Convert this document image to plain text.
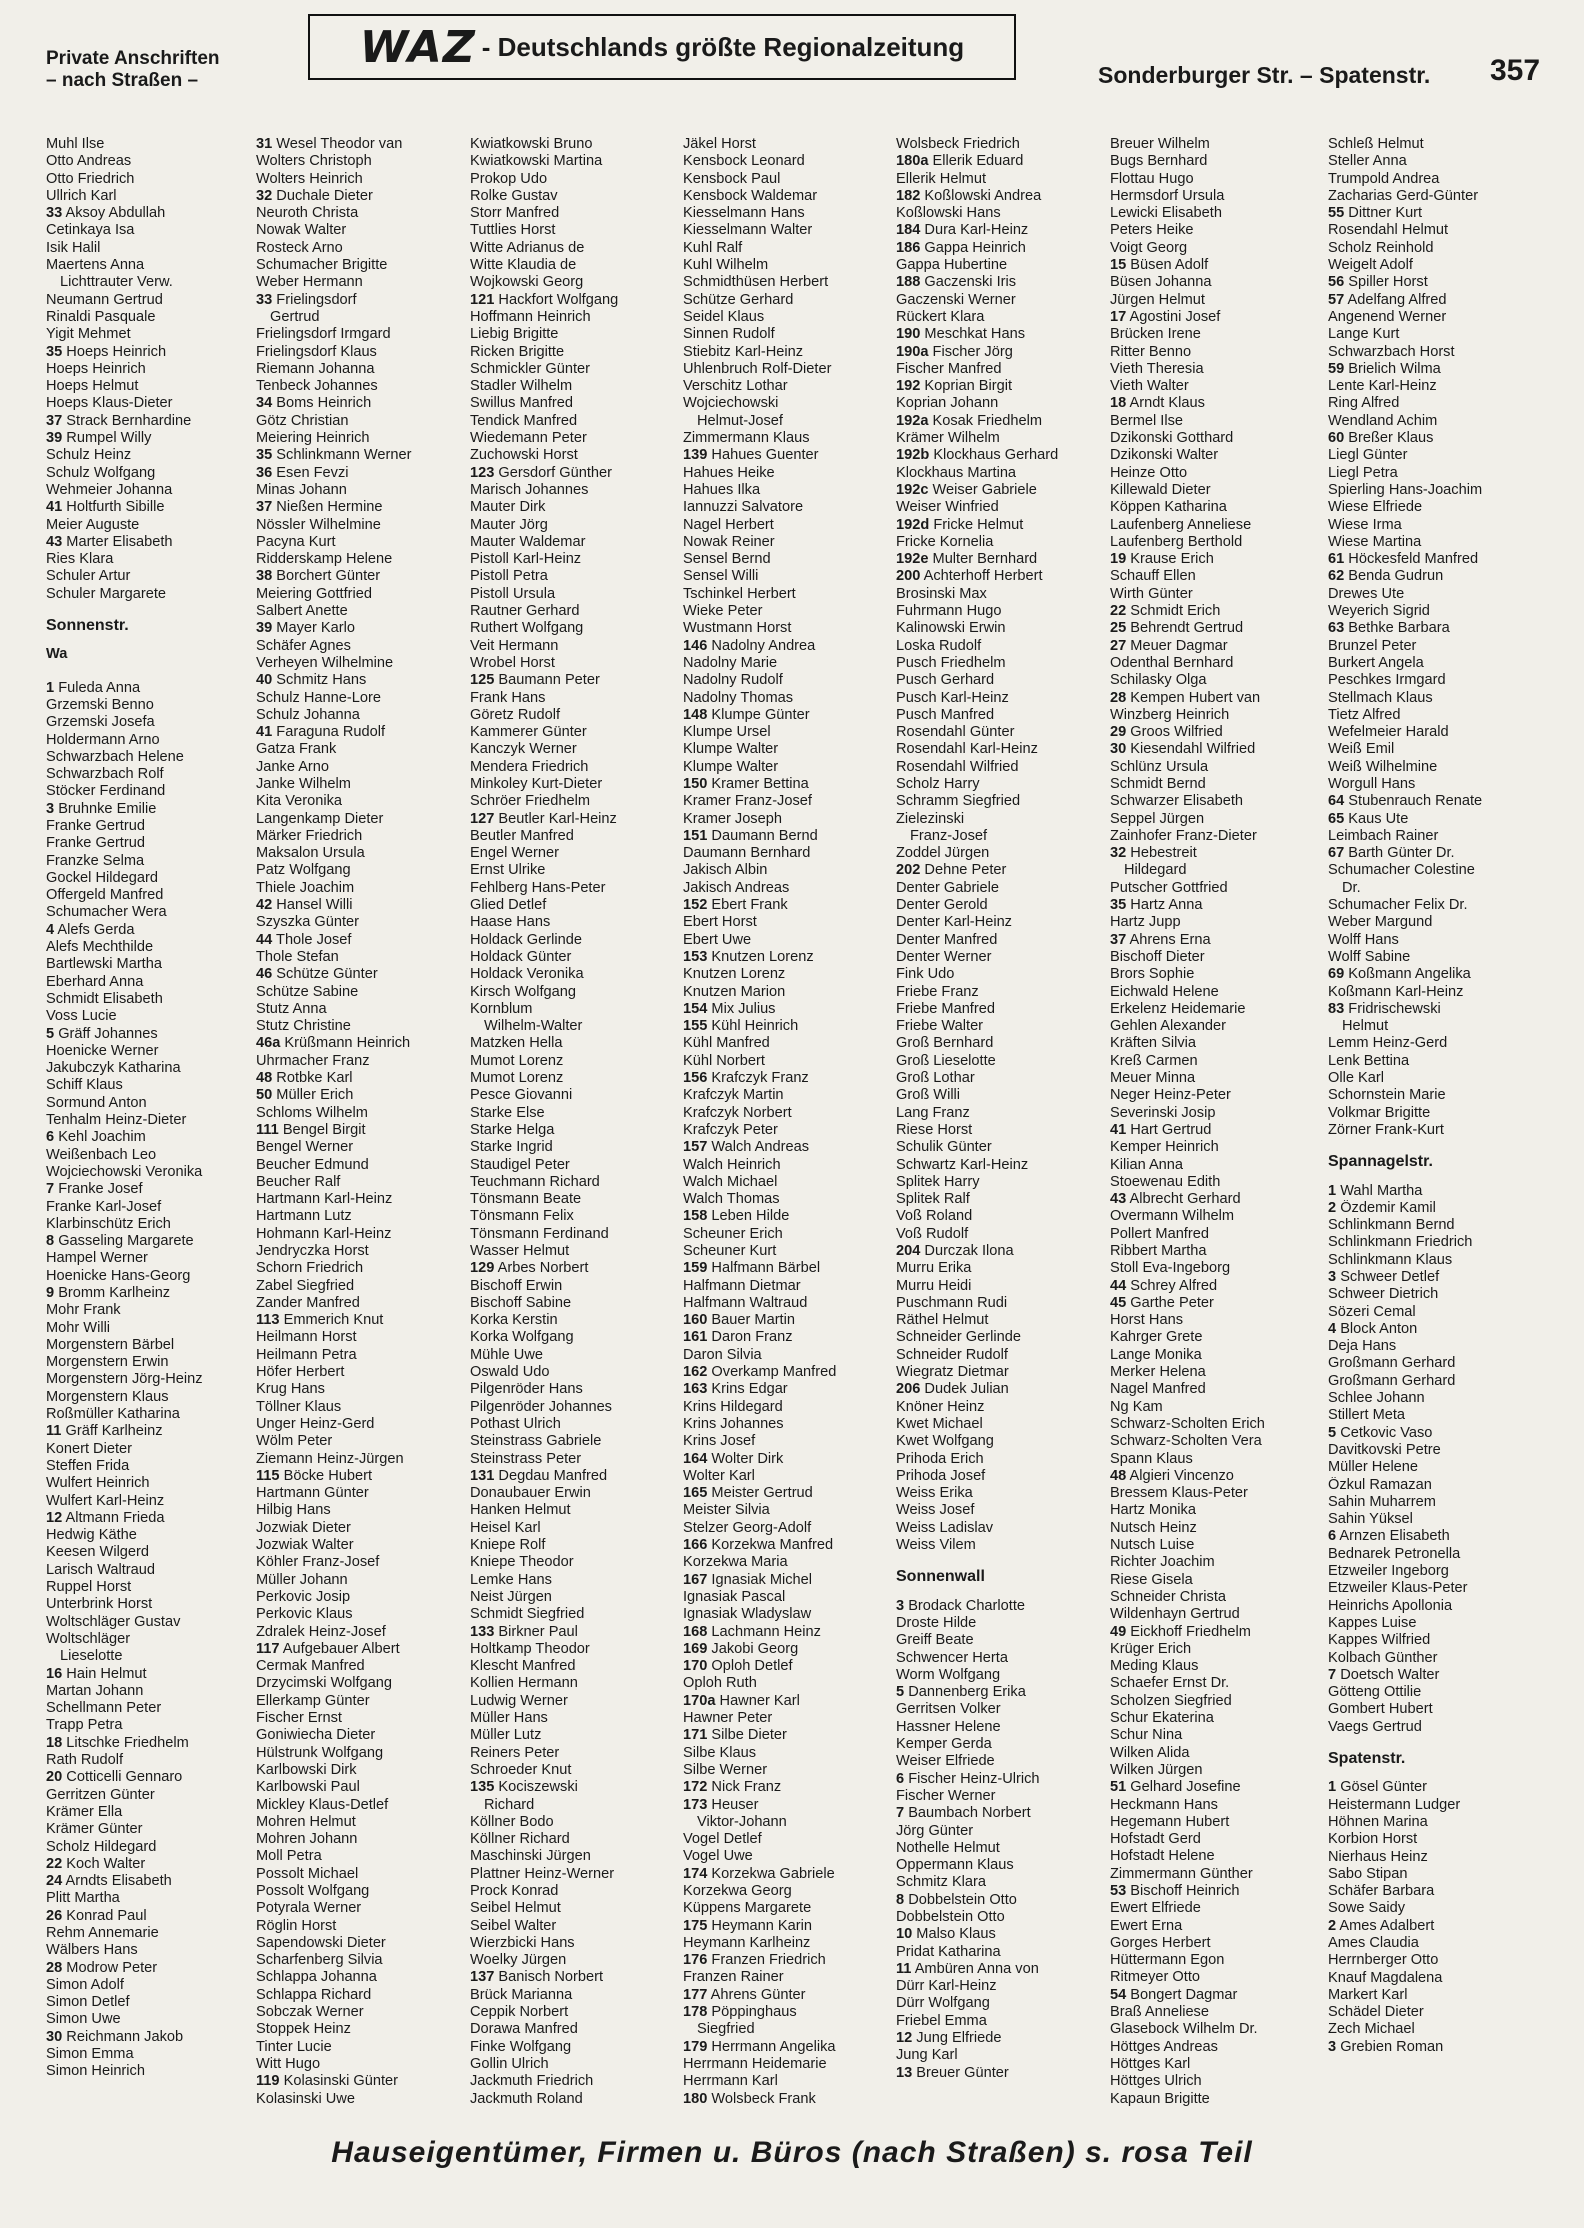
Private Anschriften
– nach Straßen –
WAZ - Deutschlands größte Regionalzeitung
Sonderburger Str. – Spatenstr. 357
Muhl Ilse
Otto Andreas
Otto Friedrich
Ullrich Karl
33 Aksoy Abdullah
Cetinkaya Isa
Isik Halil
Maertens Anna
Lichttrauter Verw.
Neumann Gertrud
Rinaldi Pasquale
Yigit Mehmet
35 Hoeps Heinrich
Hoeps Heinrich
Hoeps Helmut
Hoeps Klaus-Dieter
37 Strack Bernhardine
39 Rumpel Willy
Schulz Heinz
Schulz Wolfgang
Wehmeier Johanna
41 Holtfurth Sibille
Meier Auguste
43 Marter Elisabeth
Ries Klara
Schuler Artur
Schuler Margarete
Sonnenstr.
Wa
1 Fuleda Anna
Grzemski Benno
Grzemski Josefa
Holdermann Arno
Schwarzbach Helene
Schwarzbach Rolf
Stöcker Ferdinand
3 Bruhnke Emilie
Franke Gertrud
Franke Gertrud
Franzke Selma
Gockel Hildegard
Offergeld Manfred
Schumacher Wera
4 Alefs Gerda
Alefs Mechthilde
Bartlewski Martha
Eberhard Anna
Schmidt Elisabeth
Voss Lucie
5 Gräff Johannes
Hoenicke Werner
Jakubczyk Katharina
Schiff Klaus
Sormund Anton
Tenhalm Heinz-Dieter
6 Kehl Joachim
Weißenbach Leo
Wojciechowski Veronika
7 Franke Josef
Franke Karl-Josef
Klarbinschütz Erich
8 Gasseling Margarete
Hampel Werner
Hoenicke Hans-Georg
9 Bromm Karlheinz
Mohr Frank
Mohr Willi
Morgenstern Bärbel
Morgenstern Erwin
Morgenstern Jörg-Heinz
Morgenstern Klaus
Roßmüller Katharina
11 Gräff Karlheinz
Konert Dieter
Steffen Frida
Wulfert Heinrich
Wulfert Karl-Heinz
12 Altmann Frieda
Hedwig Käthe
Keesen Wilgerd
Larisch Waltraud
Ruppel Horst
Unterbrink Horst
Woltschläger Gustav
Woltschläger
Lieselotte
16 Hain Helmut
Martan Johann
Schellmann Peter
Trapp Petra
18 Litschke Friedhelm
Rath Rudolf
20 Cotticelli Gennaro
Gerritzen Günter
Krämer Ella
Krämer Günter
Scholz Hildegard
22 Koch Walter
24 Arndts Elisabeth
Plitt Martha
26 Konrad Paul
Rehm Annemarie
Wälbers Hans
28 Modrow Peter
Simon Adolf
Simon Detlef
Simon Uwe
30 Reichmann Jakob
Simon Emma
Simon Heinrich
31 Wesel Theodor van
Wolters Christoph
Wolters Heinrich
32 Duchale Dieter
Neuroth Christa
Nowak Walter
Rosteck Arno
Schumacher Brigitte
Weber Hermann
33 Frielingsdorf
Gertrud
Frielingsdorf Irmgard
Frielingsdorf Klaus
Riemann Johanna
Tenbeck Johannes
34 Boms Heinrich
Götz Christian
Meiering Heinrich
35 Schlinkmann Werner
36 Esen Fevzi
Minas Johann
37 Nießen Hermine
Nössler Wilhelmine
Pacyna Kurt
Ridderskamp Helene
38 Borchert Günter
Meiering Gottfried
Salbert Anette
39 Mayer Karlo
Schäfer Agnes
Verheyen Wilhelmine
40 Schmitz Hans
Schulz Hanne-Lore
Schulz Johanna
41 Faraguna Rudolf
Gatza Frank
Janke Arno
Janke Wilhelm
Kita Veronika
Langenkamp Dieter
Märker Friedrich
Maksalon Ursula
Patz Wolfgang
Thiele Joachim
42 Hansel Willi
Szyszka Günter
44 Thole Josef
Thole Stefan
46 Schütze Günter
Schütze Sabine
Stutz Anna
Stutz Christine
46a Krüßmann Heinrich
Uhrmacher Franz
48 Rotbke Karl
50 Müller Erich
Schloms Wilhelm
111 Bengel Birgit
Bengel Werner
Beucher Edmund
Beucher Ralf
Hartmann Karl-Heinz
Hartmann Lutz
Hohmann Karl-Heinz
Jendryczka Horst
Schorn Friedrich
Zabel Siegfried
Zander Manfred
113 Emmerich Knut
Heilmann Horst
Heilmann Petra
Höfer Herbert
Krug Hans
Töllner Klaus
Unger Heinz-Gerd
Wölm Peter
Ziemann Heinz-Jürgen
115 Böcke Hubert
Hartmann Günter
Hilbig Hans
Jozwiak Dieter
Jozwiak Walter
Köhler Franz-Josef
Müller Johann
Perkovic Josip
Perkovic Klaus
Zdralek Heinz-Josef
117 Aufgebauer Albert
Cermak Manfred
Drzycimski Wolfgang
Ellerkamp Günter
Fischer Ernst
Goniwiecha Dieter
Hülstrunk Wolfgang
Karlbowski Dirk
Karlbowski Paul
Mickley Klaus-Detlef
Mohren Helmut
Mohren Johann
Moll Petra
Possolt Michael
Possolt Wolfgang
Potyrala Werner
Röglin Horst
Sapendowski Dieter
Scharfenberg Silvia
Schlappa Johanna
Schlappa Richard
Sobczak Werner
Stoppek Heinz
Tinter Lucie
Witt Hugo
119 Kolasinski Günter
Kolasinski Uwe
Kwiatkowski Bruno
Kwiatkowski Martina
Prokop Udo
Rolke Gustav
Storr Manfred
Tuttlies Horst
Witte Adrianus de
Witte Klaudia de
Wojkowski Georg
121 Hackfort Wolfgang
Hoffmann Heinrich
Liebig Brigitte
Ricken Brigitte
Schmickler Günter
Stadler Wilhelm
Swillus Manfred
Tendick Manfred
Wiedemann Peter
Zuchowski Horst
123 Gersdorf Günther
Marisch Johannes
Mauter Dirk
Mauter Jörg
Mauter Waldemar
Pistoll Karl-Heinz
Pistoll Petra
Pistoll Ursula
Rautner Gerhard
Ruthert Wolfgang
Veit Hermann
Wrobel Horst
125 Baumann Peter
Frank Hans
Göretz Rudolf
Kammerer Günter
Kanczyk Werner
Mendera Friedrich
Minkoley Kurt-Dieter
Schröer Friedhelm
127 Beutler Karl-Heinz
Beutler Manfred
Engel Werner
Ernst Ulrike
Fehlberg Hans-Peter
Glied Detlef
Haase Hans
Holdack Gerlinde
Holdack Günter
Holdack Veronika
Kirsch Wolfgang
Kornblum
Wilhelm-Walter
Matzken Hella
Mumot Lorenz
Mumot Lorenz
Pesce Giovanni
Starke Else
Starke Helga
Starke Ingrid
Staudigel Peter
Teuchmann Richard
Tönsmann Beate
Tönsmann Felix
Tönsmann Ferdinand
Wasser Helmut
129 Arbes Norbert
Bischoff Erwin
Bischoff Sabine
Korka Kerstin
Korka Wolfgang
Mühle Uwe
Oswald Udo
Pilgenröder Hans
Pilgenröder Johannes
Pothast Ulrich
Steinstrass Gabriele
Steinstrass Peter
131 Degdau Manfred
Donaubauer Erwin
Hanken Helmut
Heisel Karl
Kniepe Rolf
Kniepe Theodor
Lemke Hans
Neist Jürgen
Schmidt Siegfried
133 Birkner Paul
Holtkamp Theodor
Klescht Manfred
Kollien Hermann
Ludwig Werner
Müller Hans
Müller Lutz
Reiners Peter
Schroeder Knut
135 Kociszewski
Richard
Köllner Bodo
Köllner Richard
Maschinski Jürgen
Plattner Heinz-Werner
Prock Konrad
Seibel Helmut
Seibel Walter
Wierzbicki Hans
Woelky Jürgen
137 Banisch Norbert
Brück Marianna
Ceppik Norbert
Dorawa Manfred
Finke Wolfgang
Gollin Ulrich
Jackmuth Friedrich
Jackmuth Roland
Jäkel Horst
Kensbock Leonard
Kensbock Paul
Kensbock Waldemar
Kiesselmann Hans
Kiesselmann Walter
Kuhl Ralf
Kuhl Wilhelm
Schmidthüsen Herbert
Schütze Gerhard
Seidel Klaus
Sinnen Rudolf
Stiebitz Karl-Heinz
Uhlenbruch Rolf-Dieter
Verschitz Lothar
Wojciechowski
Helmut-Josef
Zimmermann Klaus
139 Hahues Guenter
Hahues Heike
Hahues Ilka
Iannuzzi Salvatore
Nagel Herbert
Nowak Reiner
Sensel Bernd
Sensel Willi
Tschinkel Herbert
Wieke Peter
Wustmann Horst
146 Nadolny Andrea
Nadolny Marie
Nadolny Rudolf
Nadolny Thomas
148 Klumpe Günter
Klumpe Ursel
Klumpe Walter
Klumpe Walter
150 Kramer Bettina
Kramer Franz-Josef
Kramer Joseph
151 Daumann Bernd
Daumann Bernhard
Jakisch Albin
Jakisch Andreas
152 Ebert Frank
Ebert Horst
Ebert Uwe
153 Knutzen Lorenz
Knutzen Lorenz
Knutzen Marion
154 Mix Julius
155 Kühl Heinrich
Kühl Manfred
Kühl Norbert
156 Krafczyk Franz
Krafczyk Martin
Krafczyk Norbert
Krafczyk Peter
157 Walch Andreas
Walch Heinrich
Walch Michael
Walch Thomas
158 Leben Hilde
Scheuner Erich
Scheuner Kurt
159 Halfmann Bärbel
Halfmann Dietmar
Halfmann Waltraud
160 Bauer Martin
161 Daron Franz
Daron Silvia
162 Overkamp Manfred
163 Krins Edgar
Krins Hildegard
Krins Johannes
Krins Josef
164 Wolter Dirk
Wolter Karl
165 Meister Gertrud
Meister Silvia
Stelzer Georg-Adolf
166 Korzekwa Manfred
Korzekwa Maria
167 Ignasiak Michel
Ignasiak Pascal
Ignasiak Wladyslaw
168 Lachmann Heinz
169 Jakobi Georg
170 Oploh Detlef
Oploh Ruth
170a Hawner Karl
Hawner Peter
171 Silbe Dieter
Silbe Klaus
Silbe Werner
172 Nick Franz
173 Heuser
Viktor-Johann
Vogel Detlef
Vogel Uwe
174 Korzekwa Gabriele
Korzekwa Georg
Küppens Margarete
175 Heymann Karin
Heymann Karlheinz
176 Franzen Friedrich
Franzen Rainer
177 Ahrens Günter
178 Pöppinghaus
Siegfried
179 Herrmann Angelika
Herrmann Heidemarie
Herrmann Karl
180 Wolsbeck Frank
Wolsbeck Friedrich
180a Ellerik Eduard
Ellerik Helmut
182 Koßlowski Andrea
Koßlowski Hans
184 Dura Karl-Heinz
186 Gappa Heinrich
Gappa Hubertine
188 Gaczenski Iris
Gaczenski Werner
Rückert Klara
190 Meschkat Hans
190a Fischer Jörg
Fischer Manfred
192 Koprian Birgit
Koprian Johann
192a Kosak Friedhelm
Krämer Wilhelm
192b Klockhaus Gerhard
Klockhaus Martina
192c Weiser Gabriele
Weiser Winfried
192d Fricke Helmut
Fricke Kornelia
192e Multer Bernhard
200 Achterhoff Herbert
Brosinski Max
Fuhrmann Hugo
Kalinowski Erwin
Loska Rudolf
Pusch Friedhelm
Pusch Gerhard
Pusch Karl-Heinz
Pusch Manfred
Rosendahl Günter
Rosendahl Karl-Heinz
Rosendahl Wilfried
Scholz Harry
Schramm Siegfried
Zielezinski
Franz-Josef
Zoddel Jürgen
202 Dehne Peter
Denter Gabriele
Denter Gerold
Denter Karl-Heinz
Denter Manfred
Denter Werner
Fink Udo
Friebe Franz
Friebe Manfred
Friebe Walter
Groß Bernhard
Groß Lieselotte
Groß Lothar
Groß Willi
Lang Franz
Riese Horst
Schulik Günter
Schwartz Karl-Heinz
Splitek Harry
Splitek Ralf
Voß Roland
Voß Rudolf
204 Durczak Ilona
Murru Erika
Murru Heidi
Puschmann Rudi
Räthel Helmut
Schneider Gerlinde
Schneider Rudolf
Wiegratz Dietmar
206 Dudek Julian
Knöner Heinz
Kwet Michael
Kwet Wolfgang
Prihoda Erich
Prihoda Josef
Weiss Erika
Weiss Josef
Weiss Ladislav
Weiss Vilem
Sonnenwall
3 Brodack Charlotte
Droste Hilde
Greiff Beate
Schwencer Herta
Worm Wolfgang
5 Dannenberg Erika
Gerritsen Volker
Hassner Helene
Kemper Gerda
Weiser Elfriede
6 Fischer Heinz-Ulrich
Fischer Werner
7 Baumbach Norbert
Jörg Günter
Nothelle Helmut
Oppermann Klaus
Schmitz Klara
8 Dobbelstein Otto
Dobbelstein Otto
10 Malso Klaus
Pridat Katharina
11 Ambüren Anna von
Dürr Karl-Heinz
Dürr Wolfgang
Friebel Emma
12 Jung Elfriede
Jung Karl
13 Breuer Günter
Breuer Wilhelm
Bugs Bernhard
Flottau Hugo
Hermsdorf Ursula
Lewicki Elisabeth
Peters Heike
Voigt Georg
15 Büsen Adolf
Büsen Johanna
Jürgen Helmut
17 Agostini Josef
Brücken Irene
Ritter Benno
Vieth Theresia
Vieth Walter
18 Arndt Klaus
Bermel Ilse
Dzikonski Gotthard
Dzikonski Walter
Heinze Otto
Killewald Dieter
Köppen Katharina
Laufenberg Anneliese
Laufenberg Berthold
19 Krause Erich
Schauff Ellen
Wirth Günter
22 Schmidt Erich
25 Behrendt Gertrud
27 Meuer Dagmar
Odenthal Bernhard
Schilasky Olga
28 Kempen Hubert van
Winzberg Heinrich
29 Groos Wilfried
30 Kiesendahl Wilfried
Schlünz Ursula
Schmidt Bernd
Schwarzer Elisabeth
Seppel Jürgen
Zainhofer Franz-Dieter
32 Hebestreit
Hildegard
Putscher Gottfried
35 Hartz Anna
Hartz Jupp
37 Ahrens Erna
Bischoff Dieter
Brors Sophie
Eichwald Helene
Erkelenz Heidemarie
Gehlen Alexander
Kräften Silvia
Kreß Carmen
Meuer Minna
Neger Heinz-Peter
Severinski Josip
41 Hart Gertrud
Kemper Heinrich
Kilian Anna
Stoewenau Edith
43 Albrecht Gerhard
Overmann Wilhelm
Pollert Manfred
Ribbert Martha
Stoll Eva-Ingeborg
44 Schrey Alfred
45 Garthe Peter
Horst Hans
Kahrger Grete
Lange Monika
Merker Helena
Nagel Manfred
Ng Kam
Schwarz-Scholten Erich
Schwarz-Scholten Vera
Spann Klaus
48 Algieri Vincenzo
Bressem Klaus-Peter
Hartz Monika
Nutsch Heinz
Nutsch Luise
Richter Joachim
Riese Gisela
Schneider Christa
Wildenhayn Gertrud
49 Eickhoff Friedhelm
Krüger Erich
Meding Klaus
Schaefer Ernst Dr.
Scholzen Siegfried
Schur Ekaterina
Schur Nina
Wilken Alida
Wilken Jürgen
51 Gelhard Josefine
Heckmann Hans
Hegemann Hubert
Hofstadt Gerd
Hofstadt Helene
Zimmermann Günther
53 Bischoff Heinrich
Ewert Elfriede
Ewert Erna
Gorges Herbert
Hüttermann Egon
Ritmeyer Otto
54 Bongert Dagmar
Braß Anneliese
Glasebock Wilhelm Dr.
Höttges Andreas
Höttges Karl
Höttges Ulrich
Kapaun Brigitte
Schleß Helmut
Steller Anna
Trumpold Andrea
Zacharias Gerd-Günter
55 Dittner Kurt
Rosendahl Helmut
Scholz Reinhold
Weigelt Adolf
56 Spiller Horst
57 Adelfang Alfred
Angenend Werner
Lange Kurt
Schwarzbach Horst
59 Brielich Wilma
Lente Karl-Heinz
Ring Alfred
Wendland Achim
60 Breßer Klaus
Liegl Günter
Liegl Petra
Spierling Hans-Joachim
Wiese Elfriede
Wiese Irma
Wiese Martina
61 Höckesfeld Manfred
62 Benda Gudrun
Drewes Ute
Weyerich Sigrid
63 Bethke Barbara
Brunzel Peter
Burkert Angela
Peschkes Irmgard
Stellmach Klaus
Tietz Alfred
Wefelmeier Harald
Weiß Emil
Weiß Wilhelmine
Worgull Hans
64 Stubenrauch Renate
65 Kaus Ute
Leimbach Rainer
67 Barth Günter Dr.
Schumacher Colestine
Dr.
Schumacher Felix Dr.
Weber Margund
Wolff Hans
Wolff Sabine
69 Koßmann Angelika
Koßmann Karl-Heinz
83 Fridrischewski
Helmut
Lemm Heinz-Gerd
Lenk Bettina
Olle Karl
Schornstein Marie
Volkmar Brigitte
Zörner Frank-Kurt
Spannagelstr.
1 Wahl Martha
2 Özdemir Kamil
Schlinkmann Bernd
Schlinkmann Friedrich
Schlinkmann Klaus
3 Schweer Detlef
Schweer Dietrich
Sözeri Cemal
4 Block Anton
Deja Hans
Großmann Gerhard
Großmann Gerhard
Schlee Johann
Stillert Meta
5 Cetkovic Vaso
Davitkovski Petre
Müller Helene
Özkul Ramazan
Sahin Muharrem
Sahin Yüksel
6 Arnzen Elisabeth
Bednarek Petronella
Etzweiler Ingeborg
Etzweiler Klaus-Peter
Heinrichs Apollonia
Kappes Luise
Kappes Wilfried
Kolbach Günther
7 Doetsch Walter
Götteng Ottilie
Gombert Hubert
Vaegs Gertrud
Spatenstr.
1 Gösel Günter
Heistermann Ludger
Höhnen Marina
Korbion Horst
Nierhaus Heinz
Sabo Stipan
Schäfer Barbara
Sowe Saidy
2 Ames Adalbert
Ames Claudia
Herrnberger Otto
Knauf Magdalena
Markert Karl
Schädel Dieter
Zech Michael
3 Grebien Roman
Hauseigentümer, Firmen u. Büros (nach Straßen) s. rosa Teil
